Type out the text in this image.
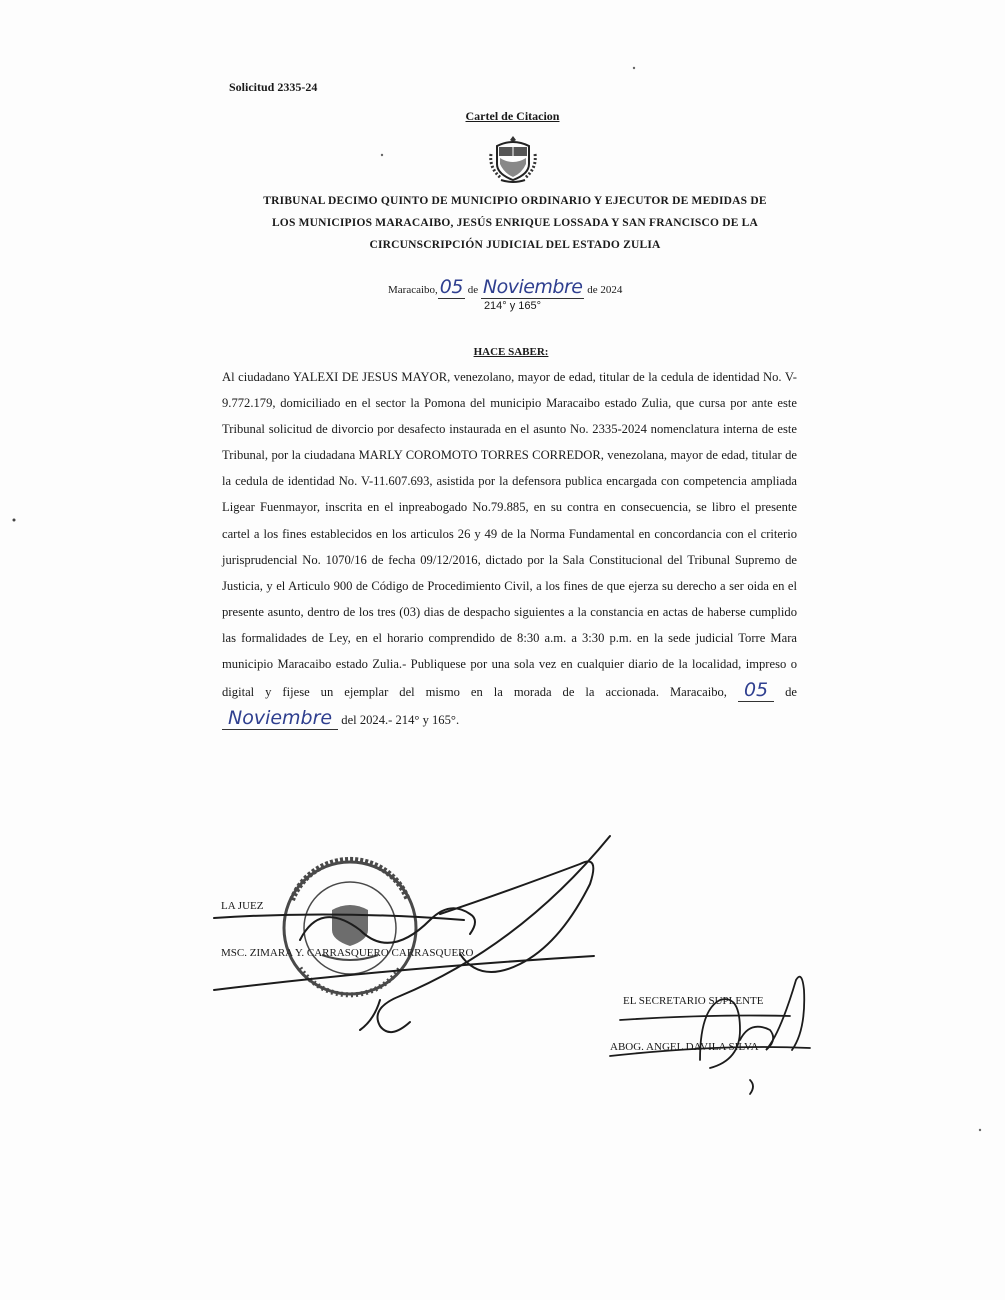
Solicitud 2335-24
Cartel de Citacion
TRIBUNAL DECIMO QUINTO DE MUNICIPIO ORDINARIO Y EJECUTOR DE MEDIDAS DE
LOS MUNICIPIOS MARACAIBO, JESÚS ENRIQUE LOSSADA Y SAN FRANCISCO DE LA
CIRCUNSCRIPCIÓN JUDICIAL DEL ESTADO ZULIA
Maracaibo, 05 de Noviembre de 2024
214° y 165°
HACE SABER:

Al ciudadano YALEXI DE JESUS MAYOR, venezolano, mayor de edad, titular de la cedula de identidad No. V-9.772.179, domiciliado en el sector la Pomona del municipio Maracaibo estado Zulia, que cursa por ante este Tribunal solicitud de divorcio por desafecto instaurada en el asunto No. 2335-2024 nomenclatura interna de este Tribunal, por la ciudadana MARLY COROMOTO TORRES CORREDOR, venezolana, mayor de edad, titular de la cedula de identidad No. V-11.607.693, asistida por la defensora publica encargada con competencia ampliada Ligear Fuenmayor, inscrita en el inpreabogado No.79.885, en su contra en consecuencia, se libro el presente cartel a los fines establecidos en los articulos 26 y 49 de la Norma Fundamental en concordancia con el criterio jurisprudencial No. 1070/16 de fecha 09/12/2016, dictado por la Sala Constitucional del Tribunal Supremo de Justicia, y el Articulo 900 de Código de Procedimiento Civil, a los fines de que ejerza su derecho a ser oida en el presente asunto, dentro de los tres (03) dias de despacho siguientes a la constancia en actas de haberse cumplido las formalidades de Ley, en el horario comprendido de 8:30 a.m. a 3:30 p.m. en la sede judicial Torre Mara municipio Maracaibo estado Zulia.- Publiquese por una sola vez en cualquier diario de la localidad, impreso o digital y fijese un ejemplar del mismo en la morada de la accionada. Maracaibo, 05 de Noviembre del 2024.- 214° y 165°.

LA JUEZ
MSC. ZIMARA Y. CARRASQUERO CARRASQUERO
EL SECRETARIO SUPLENTE
ABOG. ANGEL DAVILA SILVA
